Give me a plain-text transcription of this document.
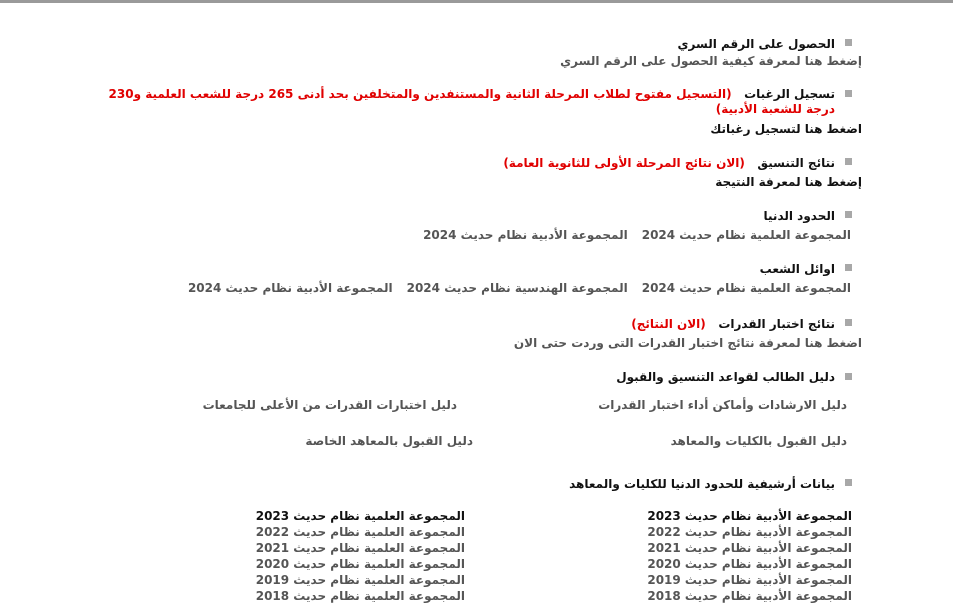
الحصول على الرقم السري
إضغط هنا لمعرفة كيفية الحصول على الرقم السري
تسجيل الرغبات   (التسجيل مفتوح لطلاب المرحلة الثانية والمستنفدين والمتخلفين بحد أدنى 265 درجة للشعب العلمية و230 درجة للشعبة الأدبية)
اضغط هنا لتسجيل رغباتك
نتائج التنسيق   (الان نتائج المرحلة الأولى للثانوية العامة)
إضغط هنا لمعرفة النتيجة
الحدود الدنيا
المجموعة العلمية نظام حديث 2024المجموعة الأدبية نظام حديث 2024
اوائل الشعب
المجموعة العلمية نظام حديث 2024المجموعة الهندسية نظام حديث 2024المجموعة الأدبية نظام حديث 2024
نتائج اختبار القدرات   (الان النتائج)
اضغط هنا لمعرفة نتائج اختبار القدرات التى وردت حتى الان
دليل الطالب لقواعد التنسيق والقبول
دليل الارشادات وأماكن أداء اختبار القدرات
دليل اختبارات القدرات من الأعلى للجامعات
دليل القبول بالكليات والمعاهد
دليل القبول بالمعاهد الخاصة
بيانات أرشيفية للحدود الدنيا للكليات والمعاهد
المجموعة الأدبية نظام حديث 2023
المجموعة الأدبية نظام حديث 2022
المجموعة الأدبية نظام حديث 2021
المجموعة الأدبية نظام حديث 2020
المجموعة الأدبية نظام حديث 2019
المجموعة الأدبية نظام حديث 2018
المجموعة العلمية نظام حديث 2023
المجموعة العلمية نظام حديث 2022
المجموعة العلمية نظام حديث 2021
المجموعة العلمية نظام حديث 2020
المجموعة العلمية نظام حديث 2019
المجموعة العلمية نظام حديث 2018
